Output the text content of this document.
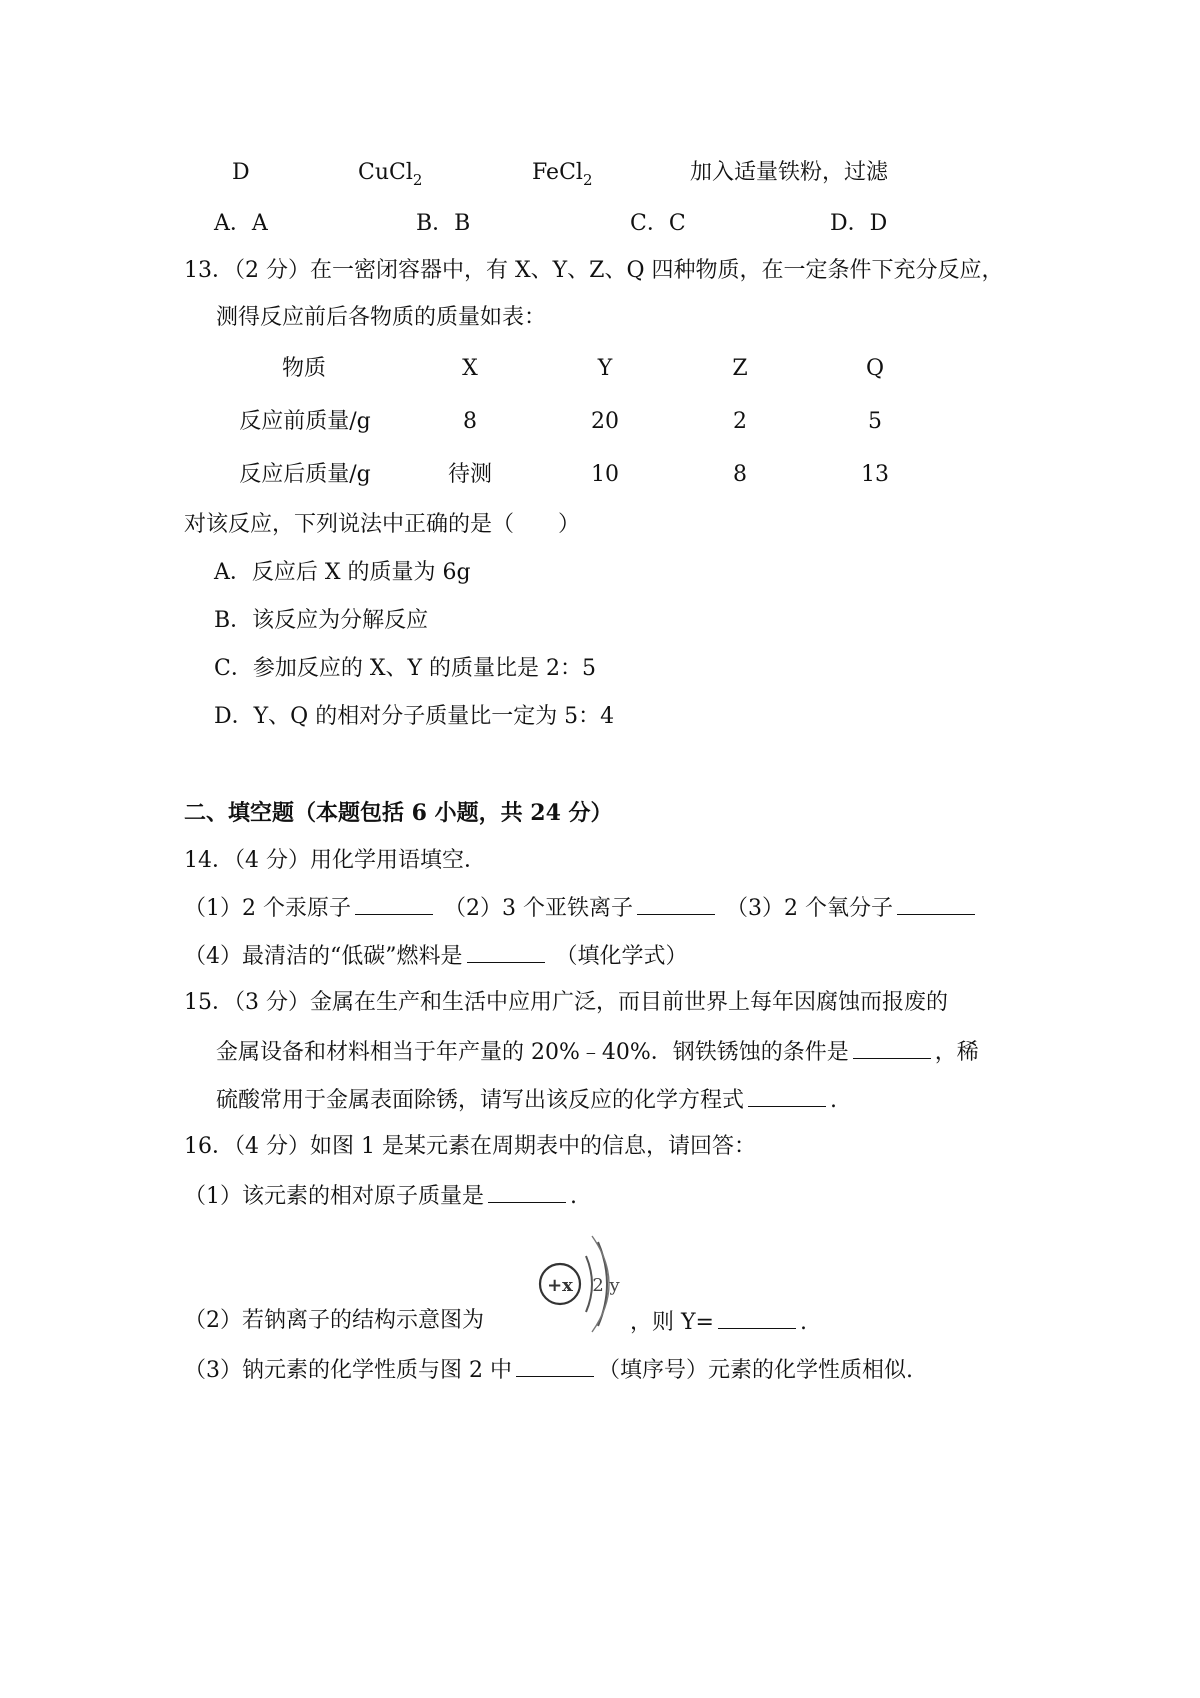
D	CuCl$_2$	FeCl$_2$	加入适量铁粉，过滤
A．A	B．B	C．C	D．D
13．（2 分）在一密闭容器中，有 X、Y、Z、Q 四种物质，在一定条件下充分反应，
测得反应前后各物质的质量如表：
物质	X	Y	Z	Q
反应前质量/g	8	20	2	5
反应后质量/g	待测	10	8	13
对该反应，下列说法中正确的是（　　）
A．反应后 X 的质量为 6g
B．该反应为分解反应
C．参加反应的 X、Y 的质量比是 2：5
D．Y、Q 的相对分子质量比一定为 5：4
二、填空题（本题包括 6 小题，共 24 分）
14．（4 分）用化学用语填空．
（1）2 个汞原子	（2）3 个亚铁离子	（3）2 个氧分子
（4）最清洁的“低碳”燃料是	（填化学式）
15．（3 分）金属在生产和生活中应用广泛，而目前世界上每年因腐蚀而报废的
金属设备和材料相当于年产量的 20%﹣40%．钢铁锈蚀的条件是	，稀
硫酸常用于金属表面除锈，请写出该反应的化学方程式	.
16．（4 分）如图 1 是某元素在周期表中的信息，请回答：
（1）该元素的相对原子质量是	.
+x 2 y
（2）若钠离子的结构示意图为	，则 Y=	.
（3）钠元素的化学性质与图 2 中	（填序号）元素的化学性质相似.
